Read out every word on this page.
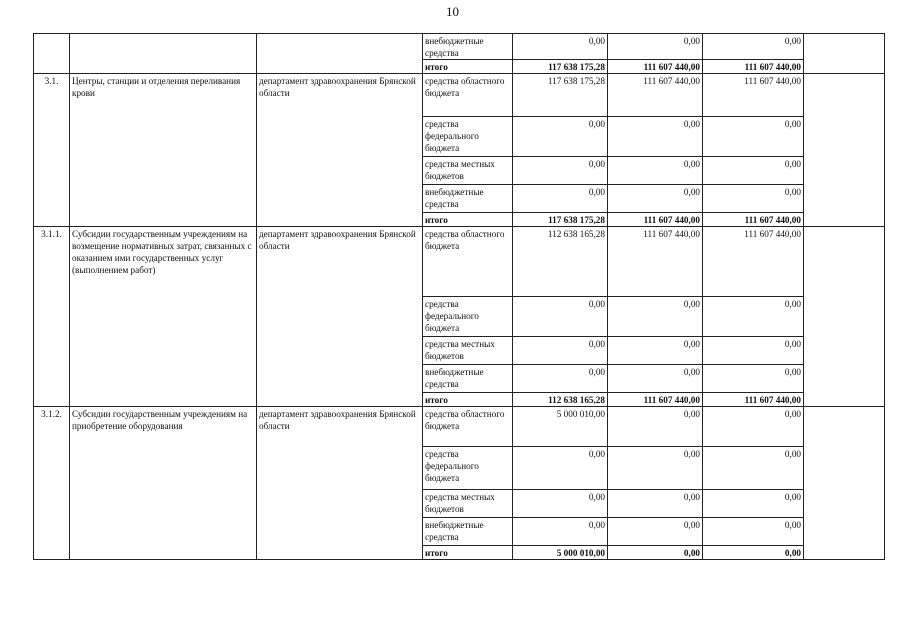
10
			внебюджетные средства	0,00	0,00	0,00	
			итого	117 638 175,28	111 607 440,00	111 607 440,00	
3.1.	Центры, станции и отделения переливания крови	департамент здравоохранения Брянской области	средства областного бюджета	117 638 175,28	111 607 440,00	111 607 440,00	
			средства федерального бюджета	0,00	0,00	0,00	
			средства местных бюджетов	0,00	0,00	0,00	
			внебюджетные средства	0,00	0,00	0,00	
			итого	117 638 175,28	111 607 440,00	111 607 440,00	
3.1.1.	Субсидии государственным учреждениям на возмещение нормативных затрат, связанных с оказанием ими государственных услуг (выполнением работ)	департамент здравоохранения Брянской области	средства областного бюджета	112 638 165,28	111 607 440,00	111 607 440,00	
			средства федерального бюджета	0,00	0,00	0,00	
			средства местных бюджетов	0,00	0,00	0,00	
			внебюджетные средства	0,00	0,00	0,00	
			итого	112 638 165,28	111 607 440,00	111 607 440,00	
3.1.2.	Субсидии государственным учреждениям на приобретение оборудования	департамент здравоохранения Брянской области	средства областного бюджета	5 000 010,00	0,00	0,00	
			средства федерального бюджета	0,00	0,00	0,00	
			средства местных бюджетов	0,00	0,00	0,00	
			внебюджетные средства	0,00	0,00	0,00	
			итого	5 000 010,00	0,00	0,00	
